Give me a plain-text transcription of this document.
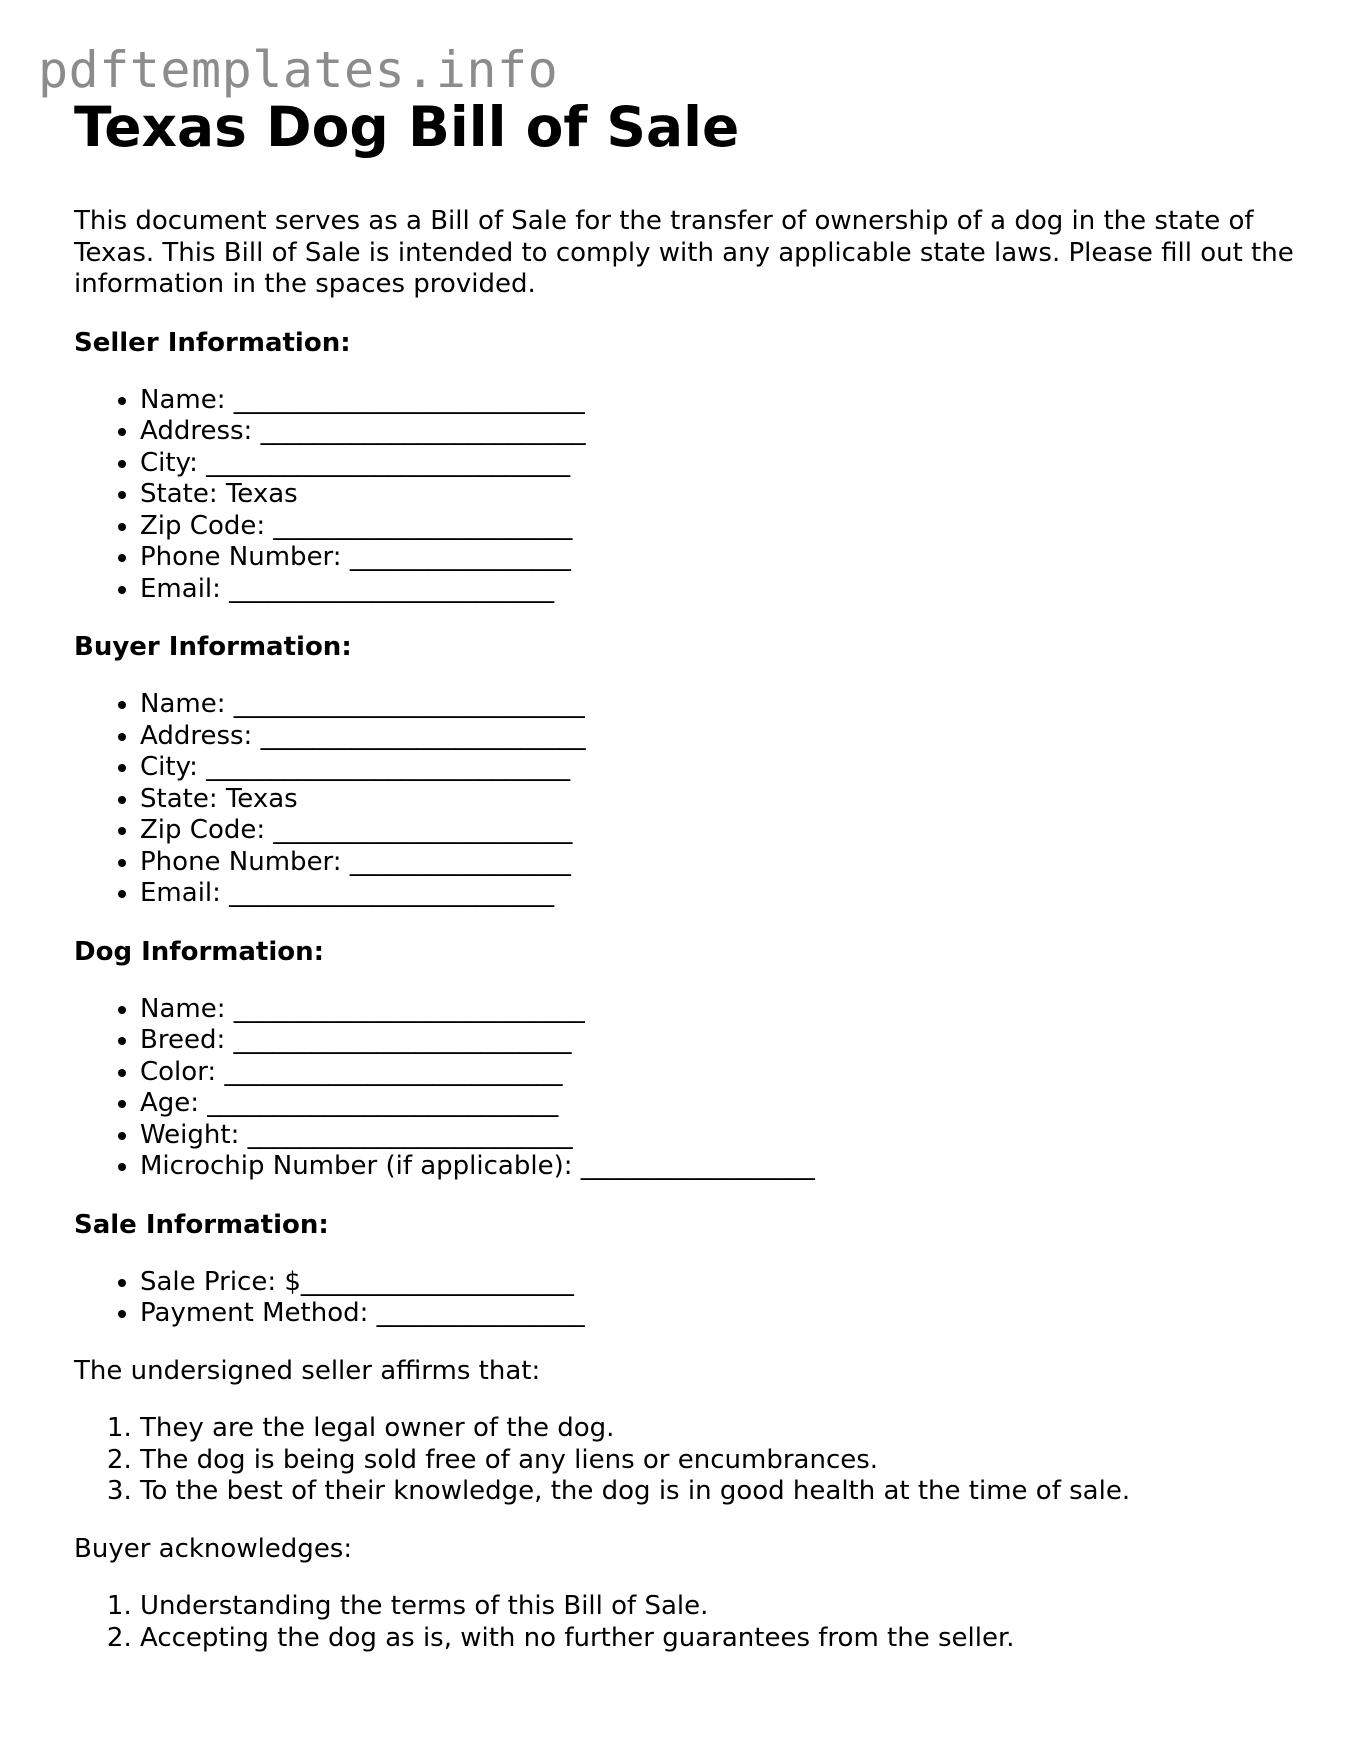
pdftemplates.info
Texas Dog Bill of Sale

This document serves as a Bill of Sale for the transfer of ownership of a dog in the state of Texas. This Bill of Sale is intended to comply with any applicable state laws. Please fill out the information in the spaces provided.

Seller Information:
• Name: ___________________________
• Address: _________________________
• City: ____________________________
• State: Texas
• Zip Code: _______________________
• Phone Number: _________________
• Email: _________________________
Buyer Information:
• Name: ___________________________
• Address: _________________________
• City: ____________________________
• State: Texas
• Zip Code: _______________________
• Phone Number: _________________
• Email: _________________________
Dog Information:
• Name: ___________________________
• Breed: __________________________
• Color: __________________________
• Age: ___________________________
• Weight: _________________________
• Microchip Number (if applicable): __________________
Sale Information:
• Sale Price: $_____________________
• Payment Method: ________________

The undersigned seller affirms that:

1. They are the legal owner of the dog.
2. The dog is being sold free of any liens or encumbrances.
3. To the best of their knowledge, the dog is in good health at the time of sale.

Buyer acknowledges:

1. Understanding the terms of this Bill of Sale.
2. Accepting the dog as is, with no further guarantees from the seller.
